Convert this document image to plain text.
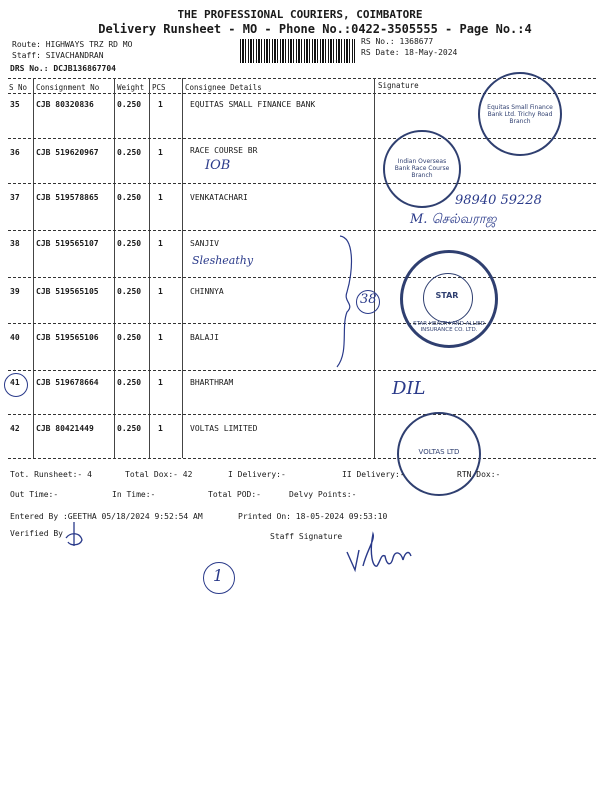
THE PROFESSIONAL COURIERS, COIMBATORE
Delivery Runsheet - MO - Phone No.:0422-3505555 - Page No.:4
Route: HIGHWAYS TRZ RD MO
Staff: SIVACHANDRAN
DRS No.: DCJB136867704
RS No.: 1368677
RS Date: 18-May-2024
S No Consignment No Weight PCS	Consignee Details	Signature
35 CJB 80320836	0.250 1	EQUITAS SMALL FINANCE BANK
36 CJB 519620967 0.250 1	RACE COURSE BR
IOB
37 CJB 519578865 0.250 1	VENKATACHARI	98940 59228
M. செல்வராஜ
38 CJB 519565107 0.250 1	SANJIV
Slesheathy
39 CJB 519565105 0.250 1	CHINNYA
40 CJB 519565106 0.250 1	BALAJI
41 CJB 519678664 0.250 1	BHARTHRAM	DIL
42 CJB 80421449	0.250 1	VOLTAS LIMITED
38
Equitas Small Finance Bank Ltd. Trichy Road Branch
Indian Overseas Bank Race Course Branch
STAR HEALTH AND ALLIED INSURANCE CO. LTD.
STAR
VOLTAS LTD
Tot. Runsheet:- 4	Total Dox:- 42	I Delivery:-	II Delivery:-	RTN Dox:-
Out Time:-	In Time:-	Total POD:-	Delvy Points:-
Entered By :GEETHA 05/18/2024 9:52:54 AM	Printed On: 18-05-2024 09:53:10
Verified By	Staff Signature
1
